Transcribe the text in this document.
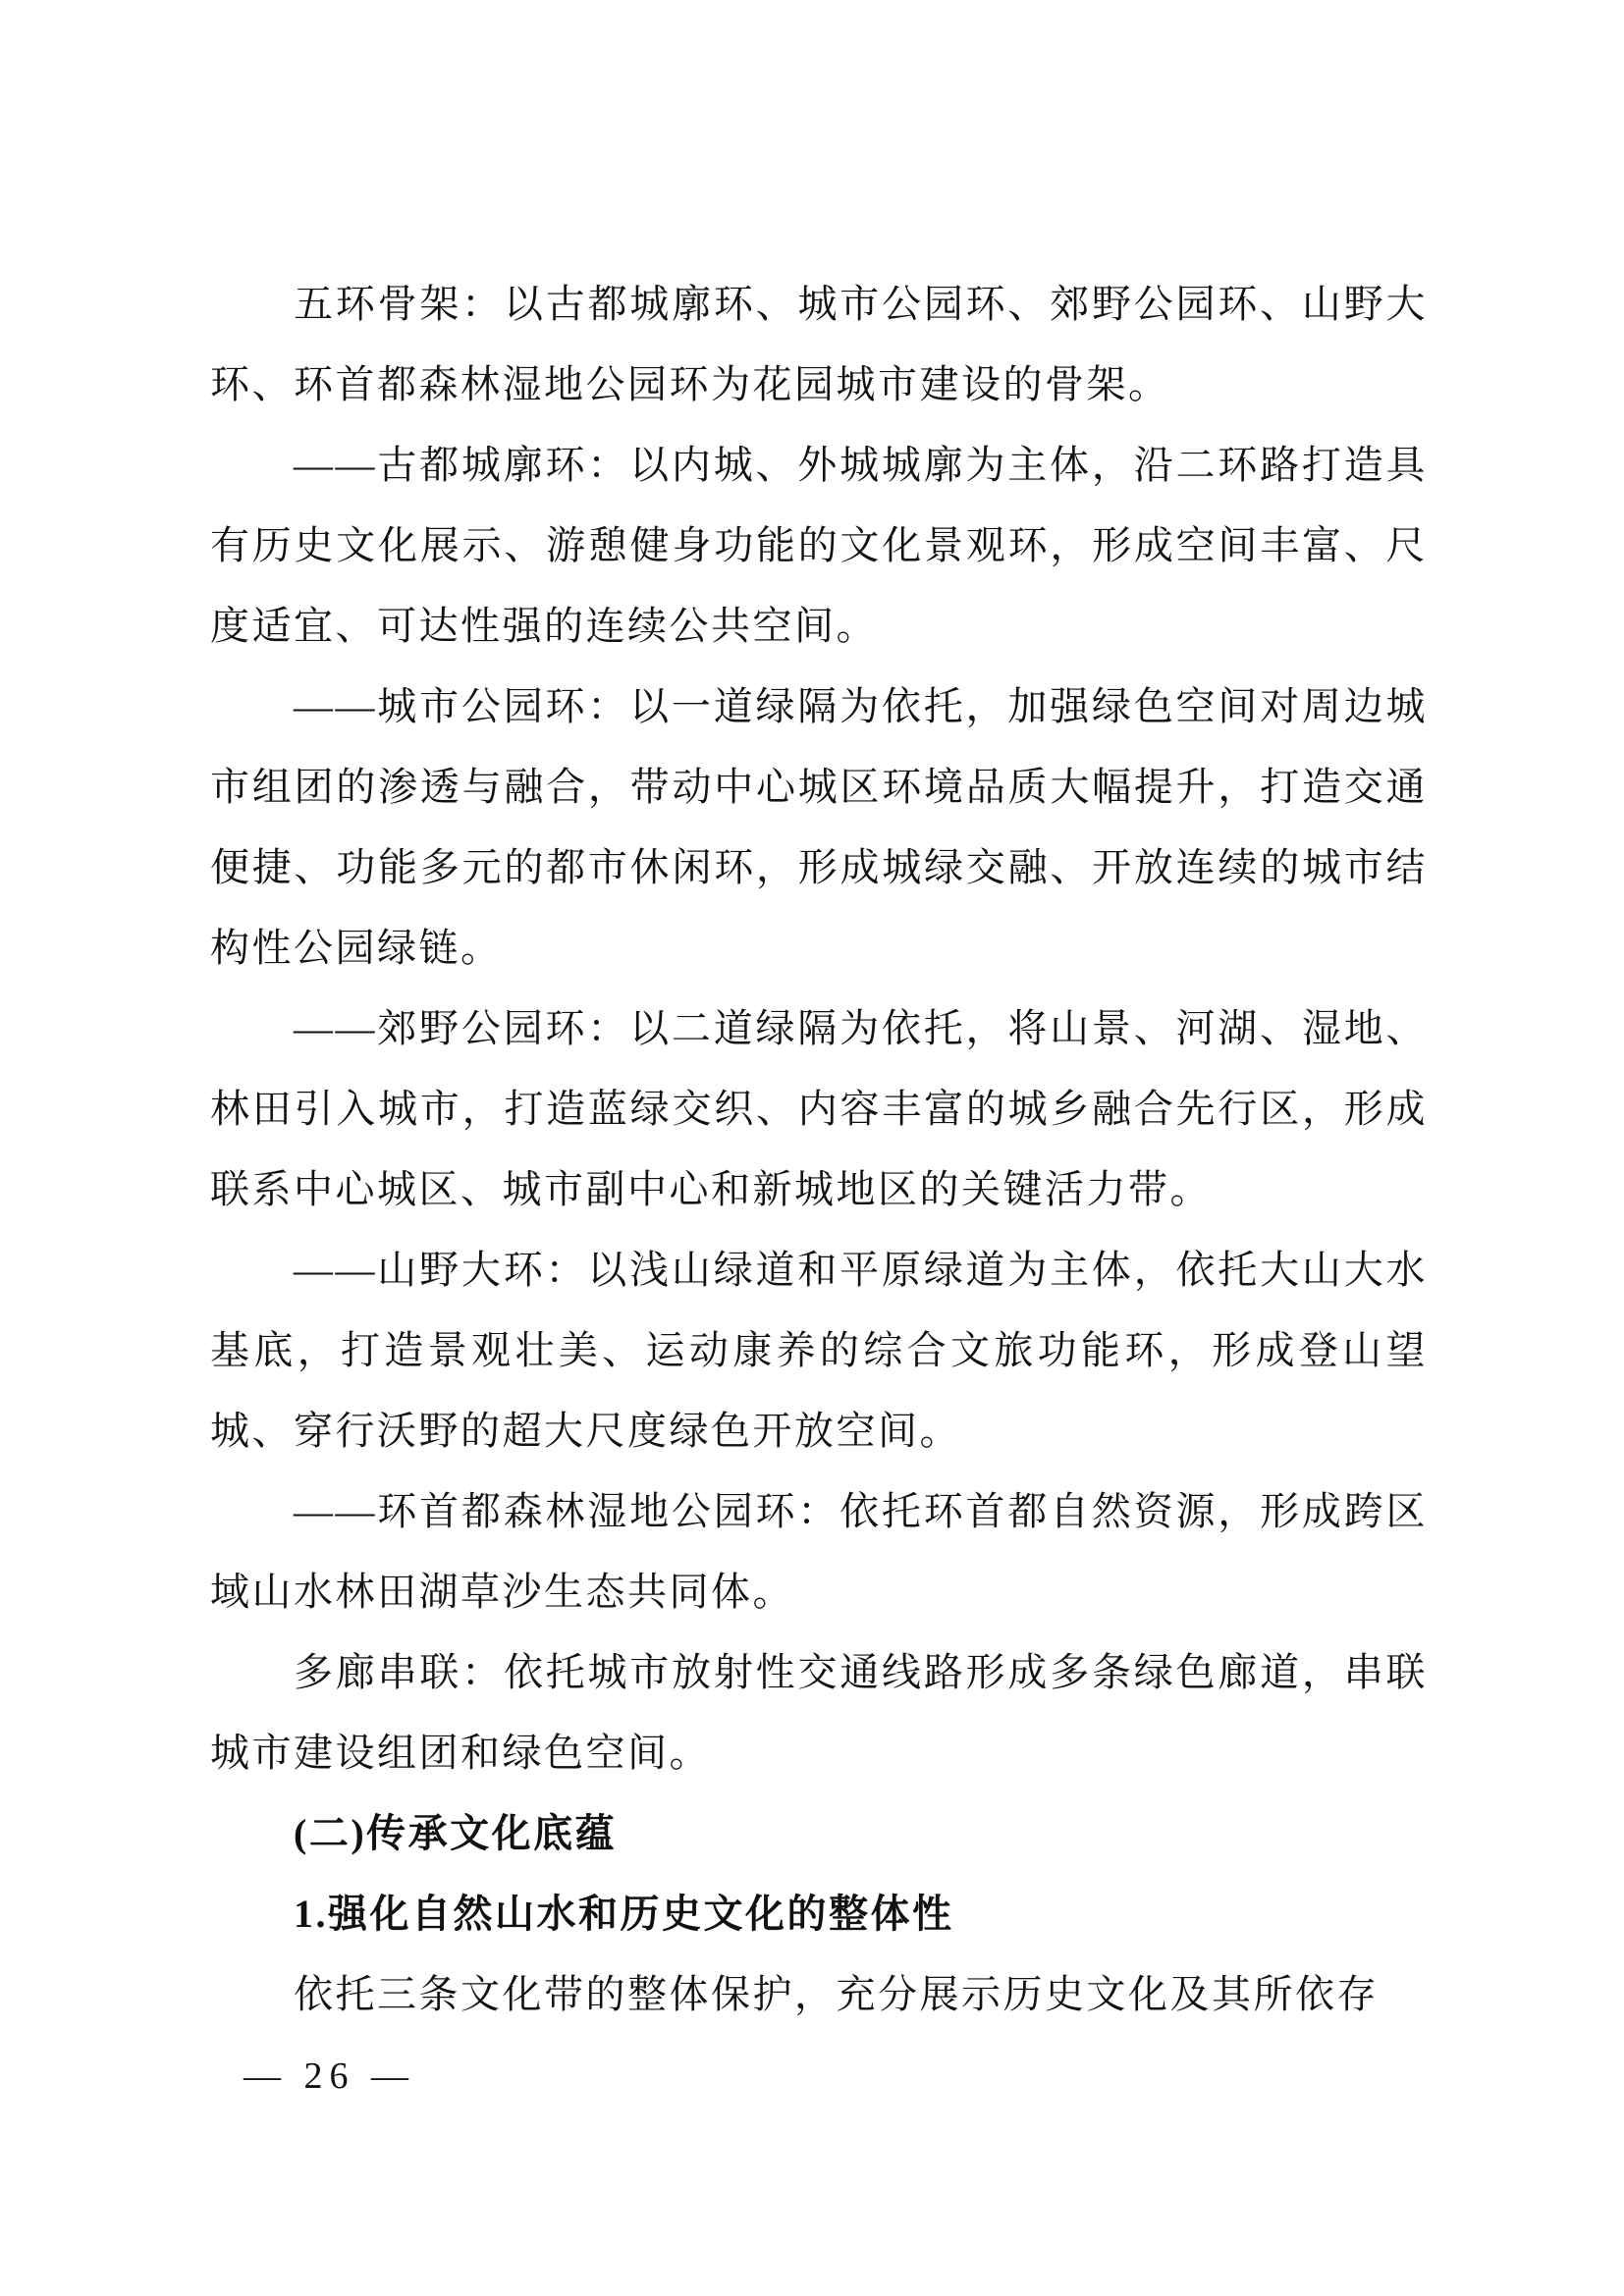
五环骨架：以古都城廓环、城市公园环、郊野公园环、山野大环、环首都森林湿地公园环为花园城市建设的骨架。

——古都城廓环：以内城、外城城廓为主体，沿二环路打造具有历史文化展示、游憩健身功能的文化景观环，形成空间丰富、尺度适宜、可达性强的连续公共空间。

——城市公园环：以一道绿隔为依托，加强绿色空间对周边城市组团的渗透与融合，带动中心城区环境品质大幅提升，打造交通便捷、功能多元的都市休闲环，形成城绿交融、开放连续的城市结构性公园绿链。

——郊野公园环：以二道绿隔为依托，将山景、河湖、湿地、林田引入城市，打造蓝绿交织、内容丰富的城乡融合先行区，形成联系中心城区、城市副中心和新城地区的关键活力带。

——山野大环：以浅山绿道和平原绿道为主体，依托大山大水基底，打造景观壮美、运动康养的综合文旅功能环，形成登山望城、穿行沃野的超大尺度绿色开放空间。

——环首都森林湿地公园环：依托环首都自然资源，形成跨区域山水林田湖草沙生态共同体。

多廊串联：依托城市放射性交通线路形成多条绿色廊道，串联城市建设组团和绿色空间。

(二)传承文化底蕴

1.强化自然山水和历史文化的整体性

依托三条文化带的整体保护，充分展示历史文化及其所依存

— 26 —
